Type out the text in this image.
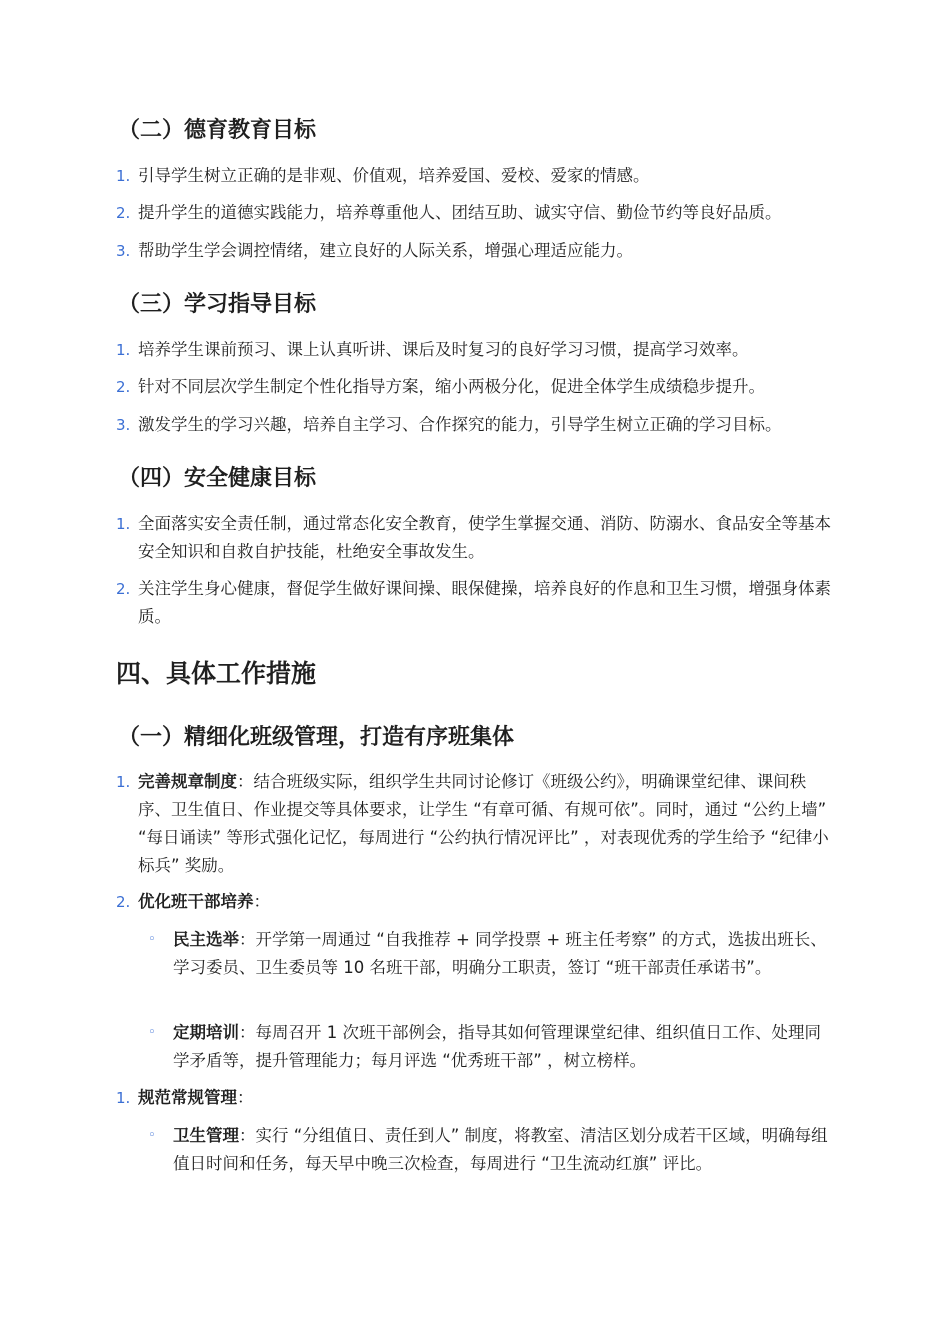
（二）德育教育目标
1. 引导学生树立正确的是非观、价值观，培养爱国、爱校、爱家的情感。
2. 提升学生的道德实践能力，培养尊重他人、团结互助、诚实守信、勤俭节约等良好品质。
3. 帮助学生学会调控情绪，建立良好的人际关系，增强心理适应能力。
（三）学习指导目标
1. 培养学生课前预习、课上认真听讲、课后及时复习的良好学习习惯，提高学习效率。
2. 针对不同层次学生制定个性化指导方案，缩小两极分化，促进全体学生成绩稳步提升。
3. 激发学生的学习兴趣，培养自主学习、合作探究的能力，引导学生树立正确的学习目标。
（四）安全健康目标
1. 全面落实安全责任制，通过常态化安全教育，使学生掌握交通、消防、防溺水、食品安全等基本安全知识和自救自护技能，杜绝安全事故发生。
2. 关注学生身心健康，督促学生做好课间操、眼保健操，培养良好的作息和卫生习惯，增强身体素质。
四、具体工作措施
（一）精细化班级管理，打造有序班集体
1. 完善规章制度：结合班级实际，组织学生共同讨论修订《班级公约》，明确课堂纪律、课间秩序、卫生值日、作业提交等具体要求，让学生 “有章可循、有规可依”。同时，通过 “公约上墙” “每日诵读” 等形式强化记忆，每周进行 “公约执行情况评比” ，对表现优秀的学生给予 “纪律小标兵” 奖励。
2. 优化班干部培养：
◦ 民主选举：开学第一周通过 “自我推荐 + 同学投票 + 班主任考察” 的方式，选拔出班长、学习委员、卫生委员等 10 名班干部，明确分工职责，签订 “班干部责任承诺书”。
◦ 定期培训：每周召开 1 次班干部例会，指导其如何管理课堂纪律、组织值日工作、处理同学矛盾等，提升管理能力；每月评选 “优秀班干部” ，树立榜样。
1. 规范常规管理：
◦ 卫生管理：实行 “分组值日、责任到人” 制度，将教室、清洁区划分成若干区域，明确每组值日时间和任务，每天早中晚三次检查，每周进行 “卫生流动红旗” 评比。
